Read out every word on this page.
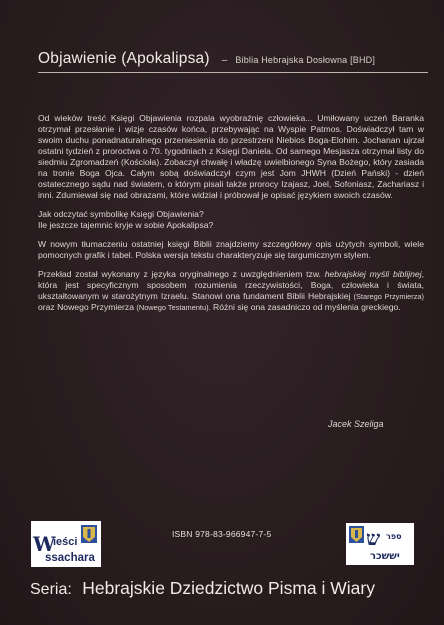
Objawienie (Apokalipsa) – Biblia Hebrajska Dosłowna [BHD]

Od wieków treść Księgi Objawienia rozpala wyobraźnię człowieka... Umiłowany uczeń Baranka otrzymał przesłanie i wizje czasów końca, przebywając na Wyspie Patmos. Doświadczył tam w swoim duchu ponadnaturalnego przeniesienia do przestrzeni Niebios Boga-Elohim. Jochanan ujrzał ostatni tydzień z proroctwa o 70. tygodniach z Księgi Daniela. Od samego Mesjasza otrzymał listy do siedmiu Zgromadzeń (Kościoła). Zobaczył chwałę i władzę uwielbionego Syna Bożego, który zasiada na tronie Boga Ojca. Całym sobą doświadczył czym jest Jom JHWH (Dzień Pański) - dzień ostatecznego sądu nad światem, o którym pisali także prorocy Izajasz, Joel, Sofoniasz, Zachariasz i inni. Zdumiewał się nad obrazami, które widział i próbował je opisać językiem swoich czasów.

Jak odczytać symbolikę Księgi Objawienia?

Ile jeszcze tajemnic kryje w sobie Apokalipsa?

W nowym tłumaczeniu ostatniej księgi Biblii znajdziemy szczegółowy opis użytych symboli, wiele pomocnych grafik i tabel. Polska wersja tekstu charakteryzuje się targumicznym stylem.

Przekład został wykonany z języka oryginalnego z uwzględnieniem tzw. hebrajskiej myśli biblijnej, która jest specyficznym sposobem rozumienia rzeczywistości, Boga, człowieka i świata, ukształtowanym w starożytnym Izraelu. Stanowi ona fundament Biblii Hebrajskiej (Starego Przymierza) oraz Nowego Przymierza (Nowego Testamentu). Różni się ona zasadniczo od myślenia greckiego.

Jacek Szeliga
ISBN 978-83-966947-7-5
W
ieści
ssachara
ש ספר
יששכר
Seria: Hebrajskie Dziedzictwo Pisma i Wiary
